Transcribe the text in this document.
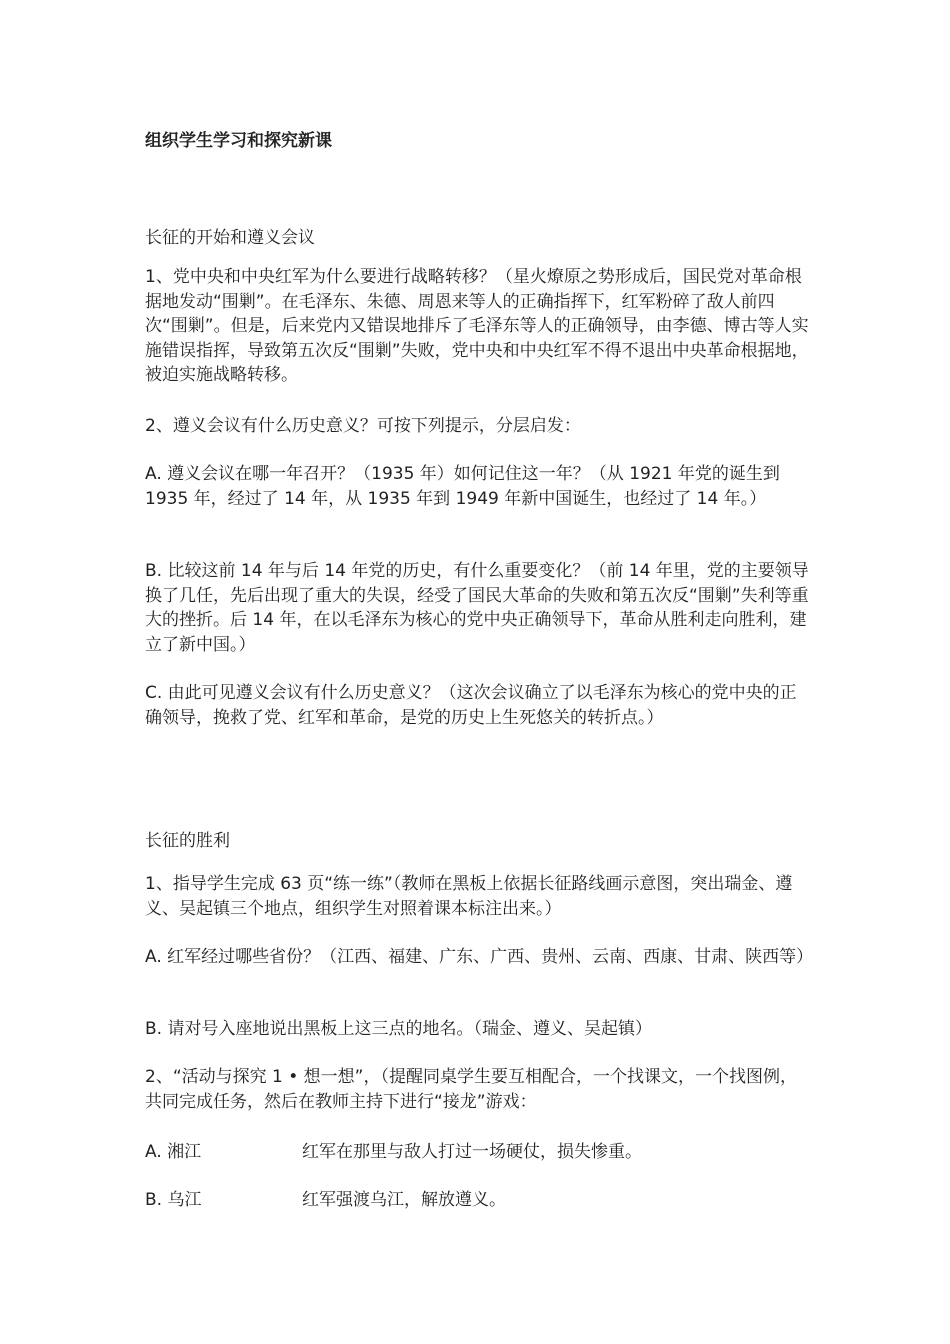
组织学生学习和探究新课
长征的开始和遵义会议
1、党中央和中央红军为什么要进行战略转移？（星火燎原之势形成后，国民党对革命根据地发动“围剿”。在毛泽东、朱德、周恩来等人的正确指挥下，红军粉碎了敌人前四次“围剿”。但是，后来党内又错误地排斥了毛泽东等人的正确领导，由李德、博古等人实施错误指挥，导致第五次反“围剿”失败，党中央和中央红军不得不退出中央革命根据地，被迫实施战略转移。
2、遵义会议有什么历史意义？可按下列提示，分层启发：
A. 遵义会议在哪一年召开？（1935 年）如何记住这一年？（从 1921 年党的诞生到 1935 年，经过了 14 年，从 1935 年到 1949 年新中国诞生，也经过了 14 年。）
B. 比较这前 14 年与后 14 年党的历史，有什么重要变化？（前 14 年里，党的主要领导换了几任，先后出现了重大的失误，经受了国民大革命的失败和第五次反“围剿”失利等重大的挫折。后 14 年，在以毛泽东为核心的党中央正确领导下，革命从胜利走向胜利，建立了新中国。）
C. 由此可见遵义会议有什么历史意义？（这次会议确立了以毛泽东为核心的党中央的正确领导，挽救了党、红军和革命，是党的历史上生死悠关的转折点。）
长征的胜利
1、指导学生完成 63 页“练一练”（教师在黑板上依据长征路线画示意图，突出瑞金、遵义、吴起镇三个地点，组织学生对照着课本标注出来。）
A. 红军经过哪些省份？（江西、福建、广东、广西、贵州、云南、西康、甘肃、陕西等）
B. 请对号入座地说出黑板上这三点的地名。（瑞金、遵义、吴起镇）
2、“活动与探究 1 • 想一想”，（提醒同桌学生要互相配合，一个找课文，一个找图例，共同完成任务，然后在教师主持下进行“接龙”游戏：
A. 湘江	红军在那里与敌人打过一场硬仗，损失惨重。
B. 乌江	红军强渡乌江，解放遵义。
